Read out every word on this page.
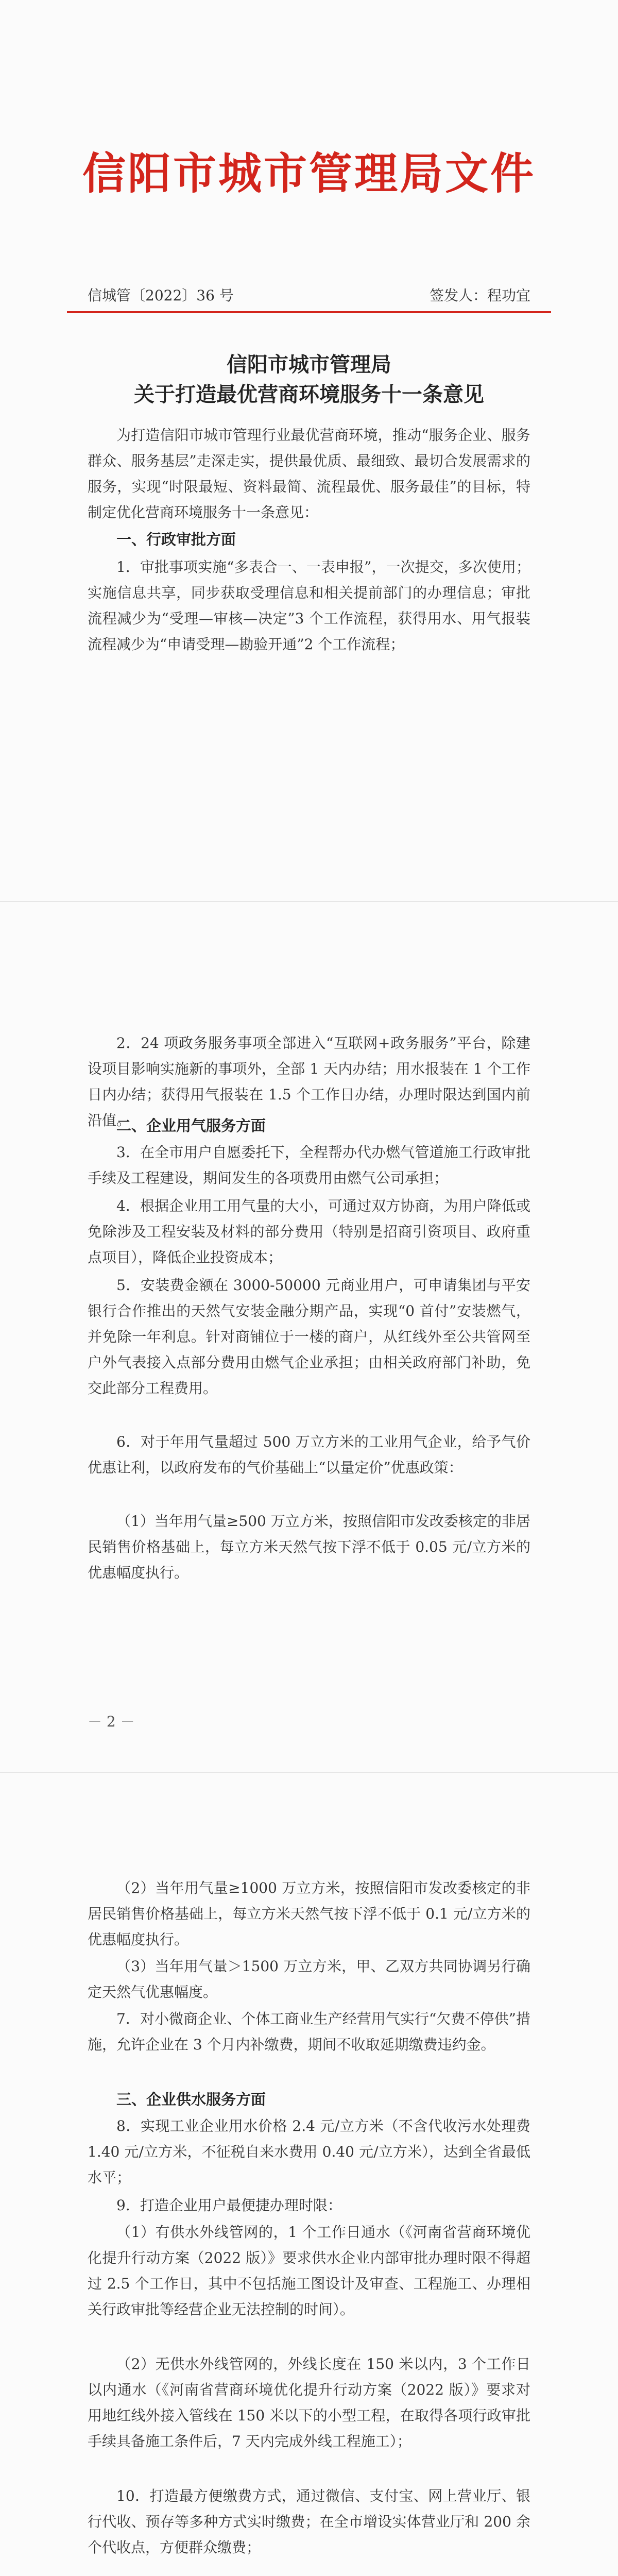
信阳市城市管理局文件
信城管〔2022〕36 号	签发人：程功宜
信阳市城市管理局
关于打造最优营商环境服务十一条意见
为打造信阳市城市管理行业最优营商环境，推动“服务企业、服务群众、服务基层”走深走实，提供最优质、最细致、最切合发展需求的服务，实现“时限最短、资料最简、流程最优、服务最佳”的目标，特制定优化营商环境服务十一条意见：
一、行政审批方面
1．审批事项实施“多表合一、一表申报”，一次提交，多次使用；实施信息共享，同步获取受理信息和相关提前部门的办理信息；审批流程减少为“受理—审核—决定”3 个工作流程，获得用水、用气报装流程减少为“申请受理—勘验开通”2 个工作流程；
2．24 项政务服务事项全部进入“互联网+政务服务”平台，除建设项目影响实施新的事项外，全部 1 天内办结；用水报装在 1 个工作日内办结；获得用气报装在 1.5 个工作日办结，办理时限达到国内前沿值。
二、企业用气服务方面
3．在全市用户自愿委托下，全程帮办代办燃气管道施工行政审批手续及工程建设，期间发生的各项费用由燃气公司承担；
4．根据企业用工用气量的大小，可通过双方协商，为用户降低或免除涉及工程安装及材料的部分费用（特别是招商引资项目、政府重点项目），降低企业投资成本；
5．安装费金额在 3000-50000 元商业用户，可申请集团与平安银行合作推出的天然气安装金融分期产品，实现“0 首付”安装燃气，并免除一年利息。针对商铺位于一楼的商户，从红线外至公共管网至户外气表接入点部分费用由燃气企业承担；由相关政府部门补助，免交此部分工程费用。
6．对于年用气量超过 500 万立方米的工业用气企业，给予气价优惠让利，以政府发布的气价基础上“以量定价”优惠政策：
（1）当年用气量≥500 万立方米，按照信阳市发改委核定的非居民销售价格基础上，每立方米天然气按下浮不低于 0.05 元/立方米的优惠幅度执行。
－ 2 －
（2）当年用气量≥1000 万立方米，按照信阳市发改委核定的非居民销售价格基础上，每立方米天然气按下浮不低于 0.1 元/立方米的优惠幅度执行。
（3）当年用气量＞1500 万立方米，甲、乙双方共同协调另行确定天然气优惠幅度。
7．对小微商企业、个体工商业生产经营用气实行“欠费不停供”措施，允许企业在 3 个月内补缴费，期间不收取延期缴费违约金。
三、企业供水服务方面
8．实现工业企业用水价格 2.4 元/立方米（不含代收污水处理费 1.40 元/立方米，不征税自来水费用 0.40 元/立方米），达到全省最低水平；
9．打造企业用户最便捷办理时限：
（1）有供水外线管网的，1 个工作日通水（《河南省营商环境优化提升行动方案（2022 版）》要求供水企业内部审批办理时限不得超过 2.5 个工作日，其中不包括施工图设计及审查、工程施工、办理相关行政审批等经营企业无法控制的时间）。
（2）无供水外线管网的，外线长度在 150 米以内，3 个工作日以内通水（《河南省营商环境优化提升行动方案（2022 版）》要求对用地红线外接入管线在 150 米以下的小型工程，在取得各项行政审批手续具备施工条件后，7 天内完成外线工程施工）；
10．打造最方便缴费方式，通过微信、支付宝、网上营业厅、银行代收、预存等多种方式实时缴费；在全市增设实体营业厅和 200 余个代收点，方便群众缴费；
